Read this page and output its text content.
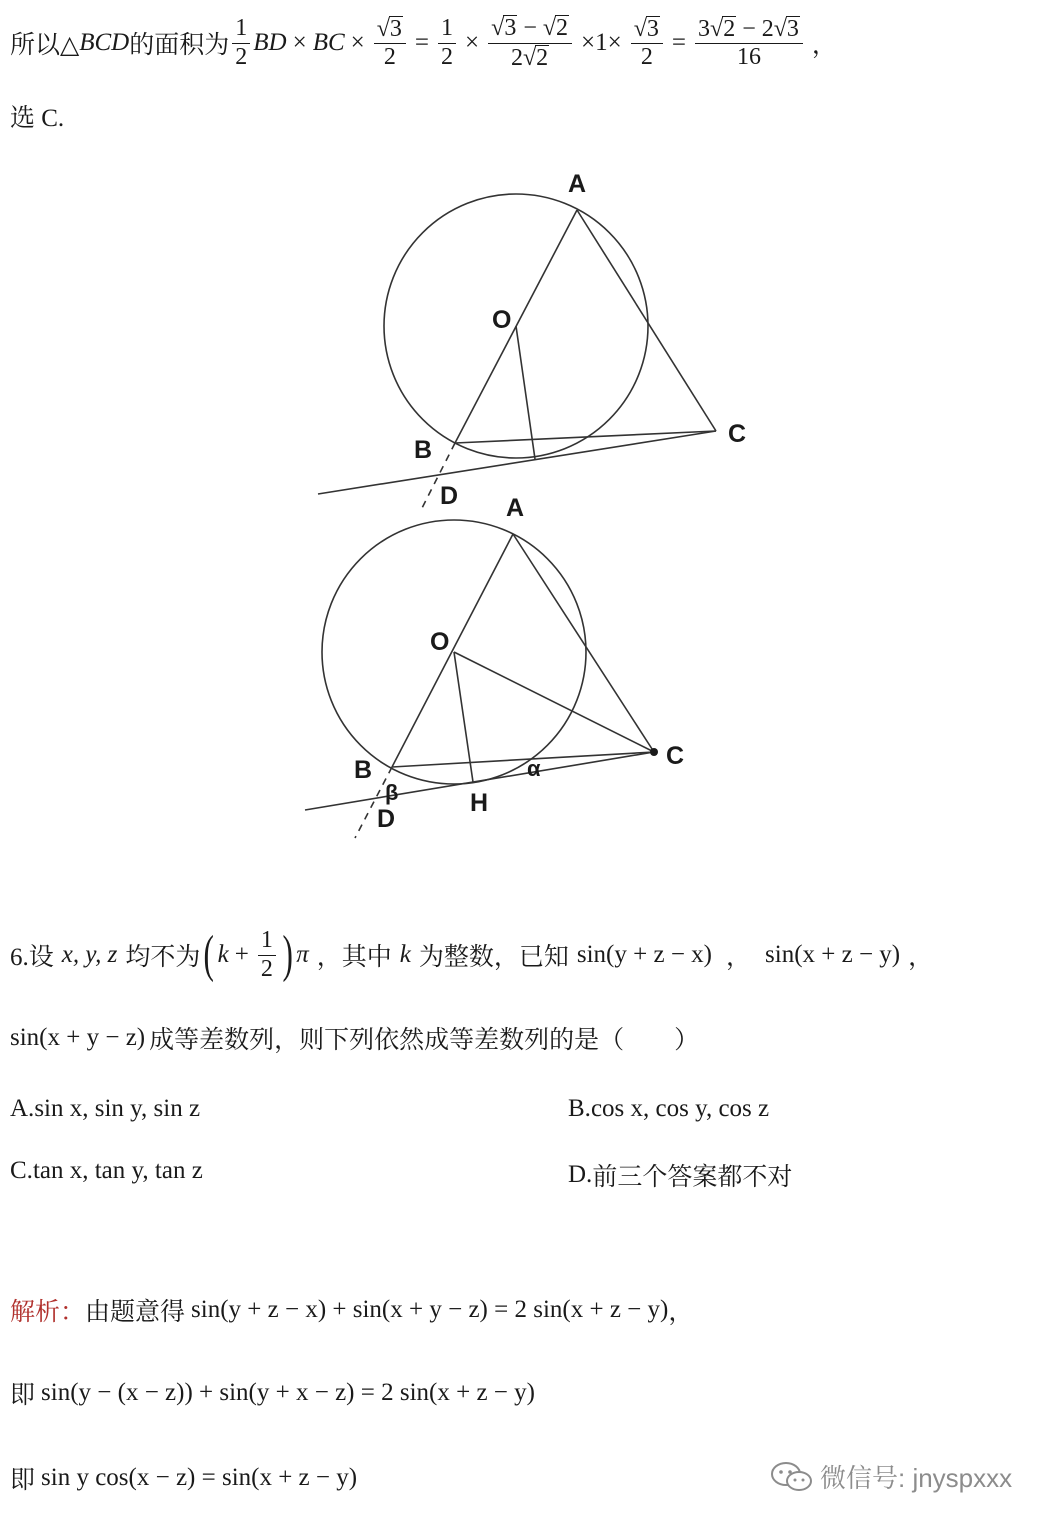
所以△ BCD 的面积为 $\frac{1}{2}$ BD × BC × $\frac{√ 3}{2} = \frac{1}{2} \times \frac{√ 3 - √ 2}{2 √ 2} \times 1\times \frac{√ 3}{2} = \frac{3 √ 2 - 2 √ 3}{16}$ ，
选 C.
A
O
B
C
D A
O
B	C
D
H
β
α
6.设 x, y, z 均不为 ( $k + \frac{1}{2}$ ) π ，其中 k 为整数，已知 sin(y + z − x) ， sin(x + z − y) ，
sin(x + y − z) 成等差数列，则下列依然成等差数列的是（　　）
A. sin x, sin y, sin z	B. cos x, cos y, cos z
C. tan x, tan y, tan z	D. 前三个答案都不对
解析： 由题意得 sin(y + z − x) + sin(x + y − z) = 2 sin(x + z − y) ，
即 sin(y − (x − z)) + sin(y + x − z) = 2 sin(x + z − y)
即 sin y cos(x − z) = sin(x + z − y)	微信号: jnyspxxx
